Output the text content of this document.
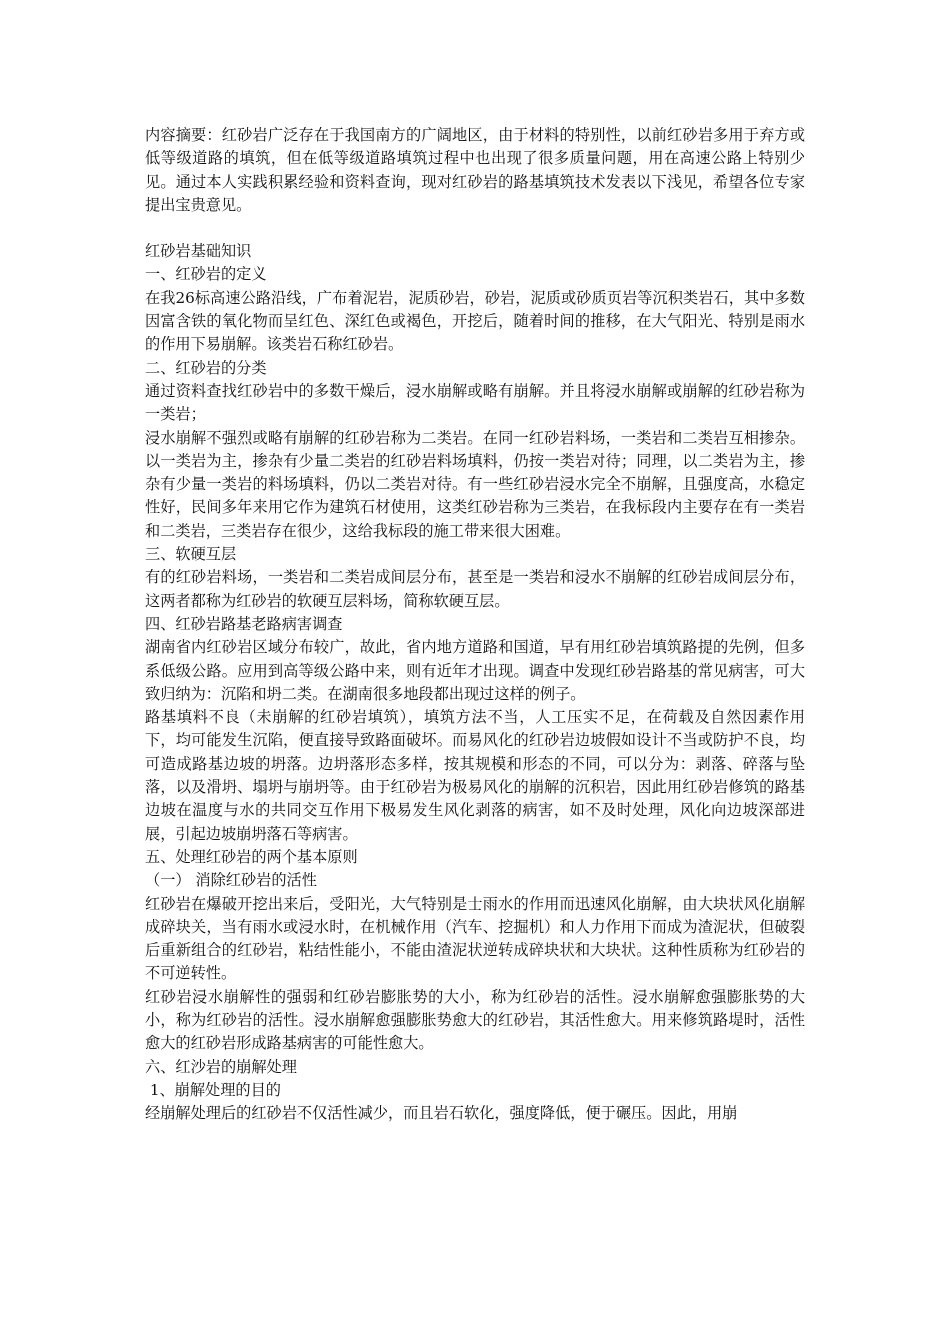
内容摘要：红砂岩广泛存在于我国南方的广阔地区，由于材料的特别性，以前红砂岩多用于弃方或低等级道路的填筑，但在低等级道路填筑过程中也出现了很多质量问题，用在高速公路上特别少见。通过本人实践积累经验和资料查询，现对红砂岩的路基填筑技术发表以下浅见，希望各位专家提出宝贵意见。

红砂岩基础知识

一、红砂岩的定义

在我26标高速公路沿线，广布着泥岩，泥质砂岩，砂岩，泥质或砂质页岩等沉积类岩石，其中多数因富含铁的氧化物而呈红色、深红色或褐色，开挖后，随着时间的推移，在大气阳光、特别是雨水的作用下易崩解。该类岩石称红砂岩。

二、红砂岩的分类

通过资料查找红砂岩中的多数干燥后，浸水崩解或略有崩解。并且将浸水崩解或崩解的红砂岩称为一类岩；

浸水崩解不强烈或略有崩解的红砂岩称为二类岩。在同一红砂岩料场，一类岩和二类岩互相掺杂。以一类岩为主，掺杂有少量二类岩的红砂岩料场填料，仍按一类岩对待；同理，以二类岩为主，掺杂有少量一类岩的料场填料，仍以二类岩对待。有一些红砂岩浸水完全不崩解，且强度高，水稳定性好，民间多年来用它作为建筑石材使用，这类红砂岩称为三类岩，在我标段内主要存在有一类岩和二类岩，三类岩存在很少，这给我标段的施工带来很大困难。

三、软硬互层

有的红砂岩料场，一类岩和二类岩成间层分布，甚至是一类岩和浸水不崩解的红砂岩成间层分布，这两者都称为红砂岩的软硬互层料场，简称软硬互层。

四、红砂岩路基老路病害调查

湖南省内红砂岩区域分布较广，故此，省内地方道路和国道，早有用红砂岩填筑路提的先例，但多系低级公路。应用到高等级公路中来，则有近年才出现。调查中发现红砂岩路基的常见病害，可大致归纳为：沉陷和坍二类。在湖南很多地段都出现过这样的例子。

路基填料不良（未崩解的红砂岩填筑），填筑方法不当，人工压实不足，在荷载及自然因素作用下，均可能发生沉陷，便直接导致路面破坏。而易风化的红砂岩边坡假如设计不当或防护不良，均可造成路基边坡的坍落。边坍落形态多样，按其规模和形态的不同，可以分为：剥落、碎落与坠落，以及滑坍、塌坍与崩坍等。由于红砂岩为极易风化的崩解的沉积岩，因此用红砂岩修筑的路基边坡在温度与水的共同交互作用下极易发生风化剥落的病害，如不及时处理，风化向边坡深部进展，引起边坡崩坍落石等病害。

五、处理红砂岩的两个基本原则

（一） 消除红砂岩的活性

红砂岩在爆破开挖出来后，受阳光，大气特别是士雨水的作用而迅速风化崩解，由大块状风化崩解成碎块关，当有雨水或浸水时，在机械作用（汽车、挖掘机）和人力作用下而成为渣泥状，但破裂后重新组合的红砂岩，粘结性能小，不能由渣泥状逆转成碎块状和大块状。这种性质称为红砂岩的不可逆转性。

红砂岩浸水崩解性的强弱和红砂岩膨胀势的大小，称为红砂岩的活性。浸水崩解愈强膨胀势的大小，称为红砂岩的活性。浸水崩解愈强膨胀势愈大的红砂岩，其活性愈大。用来修筑路堤时，活性愈大的红砂岩形成路基病害的可能性愈大。

六、红沙岩的崩解处理

1、崩解处理的目的

经崩解处理后的红砂岩不仅活性减少，而且岩石软化，强度降低，便于碾压。因此，用崩
